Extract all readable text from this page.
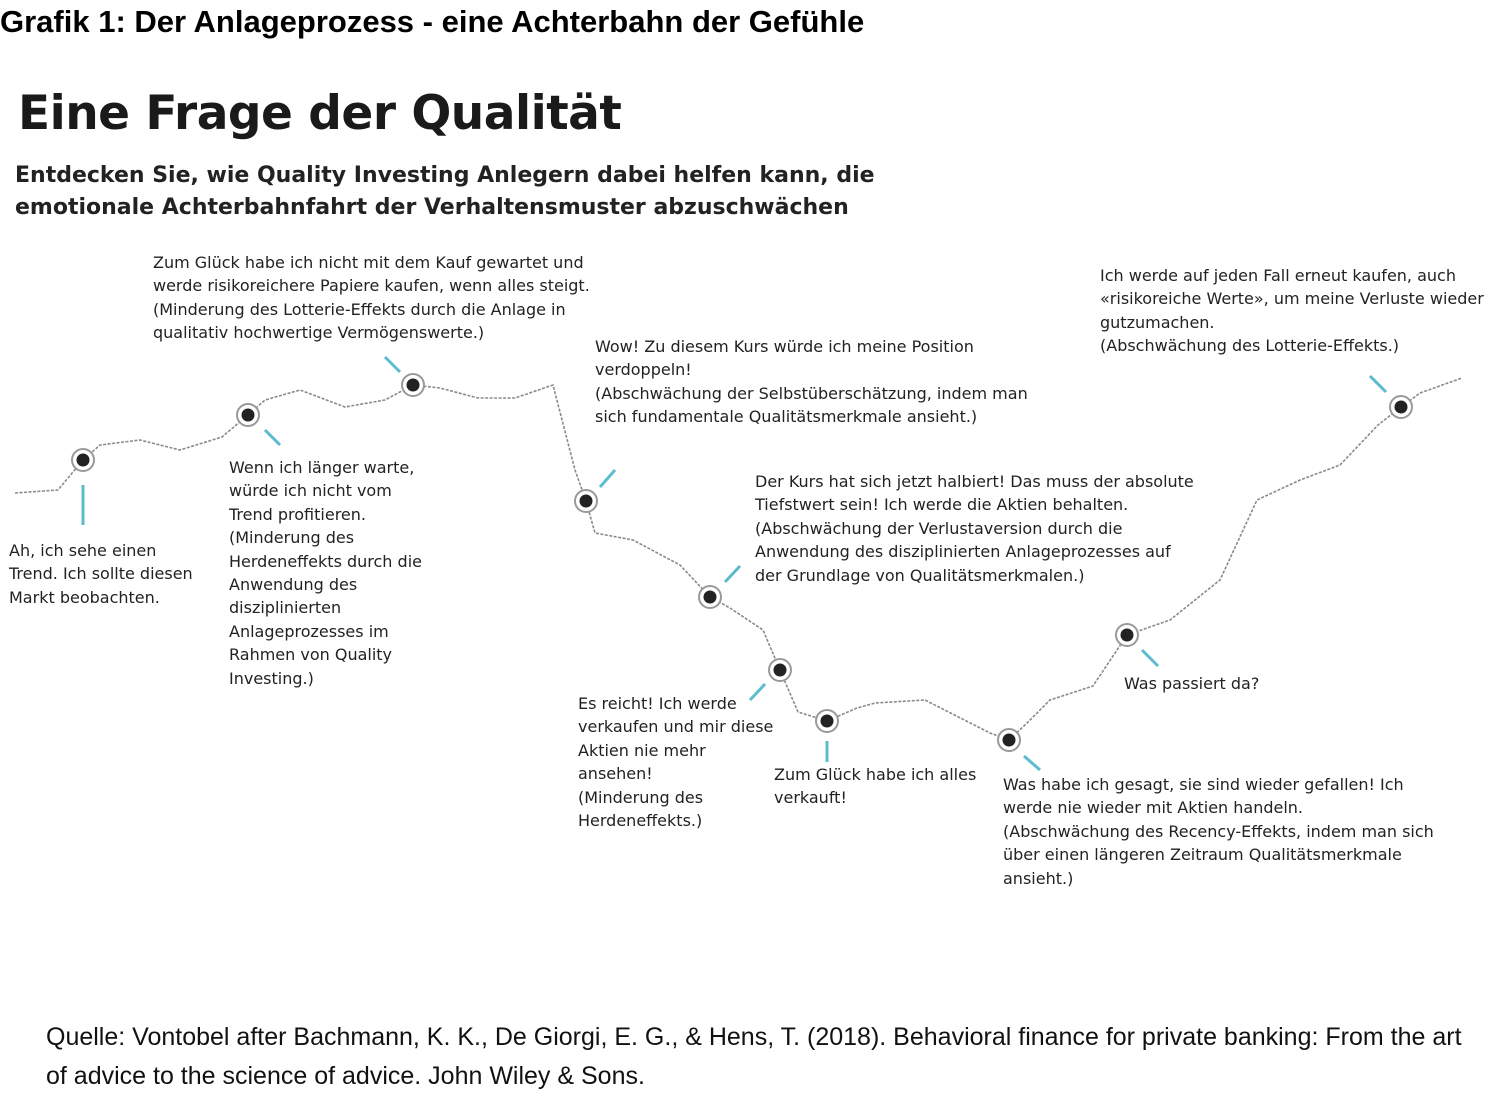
Grafik 1: Der Anlageprozess - eine Achterbahn der Gefühle
Eine Frage der Qualität
Entdecken Sie, wie Quality Investing Anlegern dabei helfen kann, die emotionale Achterbahnfahrt der Verhaltensmuster abzuschwächen
Ah, ich sehe einen
Trend. Ich sollte diesen
Markt beobachten.
Wenn ich länger warte,
würde ich nicht vom
Trend profitieren.
(Minderung des
Herdeneffekts durch die
Anwendung des
disziplinierten
Anlageprozesses im
Rahmen von Quality
Investing.)
Zum Glück habe ich nicht mit dem Kauf gewartet und
werde risikoreichere Papiere kaufen, wenn alles steigt.
(Minderung des Lotterie-Effekts durch die Anlage in
qualitativ hochwertige Vermögenswerte.)
Wow! Zu diesem Kurs würde ich meine Position
verdoppeln!
(Abschwächung der Selbstüberschätzung, indem man
sich fundamentale Qualitätsmerkmale ansieht.)
Der Kurs hat sich jetzt halbiert! Das muss der absolute
Tiefstwert sein! Ich werde die Aktien behalten.
(Abschwächung der Verlustaversion durch die
Anwendung des disziplinierten Anlageprozesses auf
der Grundlage von Qualitätsmerkmalen.)
Es reicht! Ich werde
verkaufen und mir diese
Aktien nie mehr
ansehen!
(Minderung des
Herdeneffekts.)
Zum Glück habe ich alles
verkauft!
Was habe ich gesagt, sie sind wieder gefallen! Ich
werde nie wieder mit Aktien handeln.
(Abschwächung des Recency-Effekts, indem man sich
über einen längeren Zeitraum Qualitätsmerkmale
ansieht.)
Was passiert da?
Ich werde auf jeden Fall erneut kaufen, auch
«risikoreiche Werte», um meine Verluste wieder
gutzumachen.
(Abschwächung des Lotterie-Effekts.)
Quelle: Vontobel after Bachmann, K. K., De Giorgi, E. G., & Hens, T. (2018). Behavioral finance for private banking: From the art of advice to the science of advice. John Wiley & Sons.
